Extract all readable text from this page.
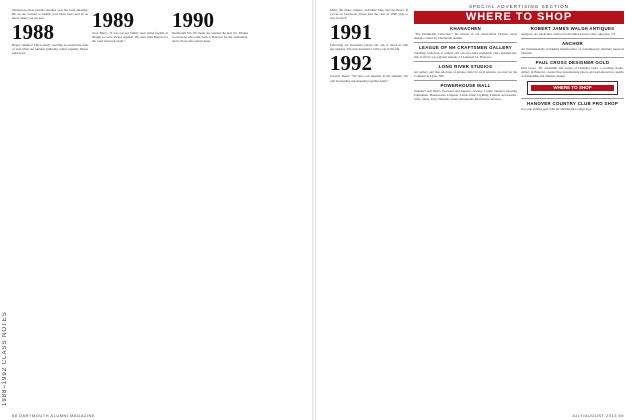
1988–1992 CLASS NOTES

Sharpen up those pencils. Another year has been amazing. Hit up our website to submit your latest news and let us know where you are now.

1988

Happy summer! This is likely reaching us around the time of year when our reunion gathering comes together. Please send news.

1989

Scott Barry: “It was our sea family sport being friends as though we were always together. We went from Hanover to the coast and back again.”

1990

Dartmouth Six. We made our reunion the best yet. Thanks to everyone who came back to Hanover for the celebration, and to those who sent in notes.

Many fun make cameos, including Meg and the Bears. If you’re on Facebook, please join the class of 1990 page to stay in touch.

1991

Following our December phone call, ask to check in with any updates. The next newsletter will be out in the fall.

1992

Carolyn Mead: “We have our meeting in the summer. We will be meeting and shopping together again.”

SPECIAL ADVERTISING SECTION
WHERE TO SHOP
KHANACHEN

“The Dartmouth Collection,” the newest of our handcrafted Tibetan carpet designs created by Dartmouth alumni.

LEAGUE OF NH CRAFTSMEN GALLERY

Stunning collection of unique and one-of-a-kind traditional and contemporary fine crafts by top regional artisans. 13 Lebanon St., Hanover.

LONG RIVER STUDIOS

Art gallery and fine selection of unique crafts by local artisans. Located on the Common in Lyme, NH.

POWERHOUSE MALL

Women’s and Men’s Footwear and Apparel, Jewelry, Candy, Outdoor Sporting Equipment, Housewares, Lingerie, Vision Wear, Lighting, Fashion Accessories, Gifts, Salon, Toys, Hearing Center, Restaurant, Real Estate Services.

ROBERT JAMES WALSH ANTIQUES

Antiques, art, medicines, Sevices from Simon Pearce Glass, Quechee, VT.

ANCHOR

An Internationally acclaimed manufacturer of contemporary furniture based in Vermont.

PAUL CROSS DESIGNER GOLD

Paul Cross, ’83, goldsmith and owner of Designer Gold, a working studio-gallery in Hanover, creates fine custom-made pieces and well-known for quality craftsmanship and timeless design.

WHERE TO SHOP
HANOVER COUNTRY CLUB PRO SHOP

Get your golfing gear with the Dartmouth College logo.

68 DARTMOUTH ALUMNI MAGAZINE	JULY/AUGUST 2013 69
